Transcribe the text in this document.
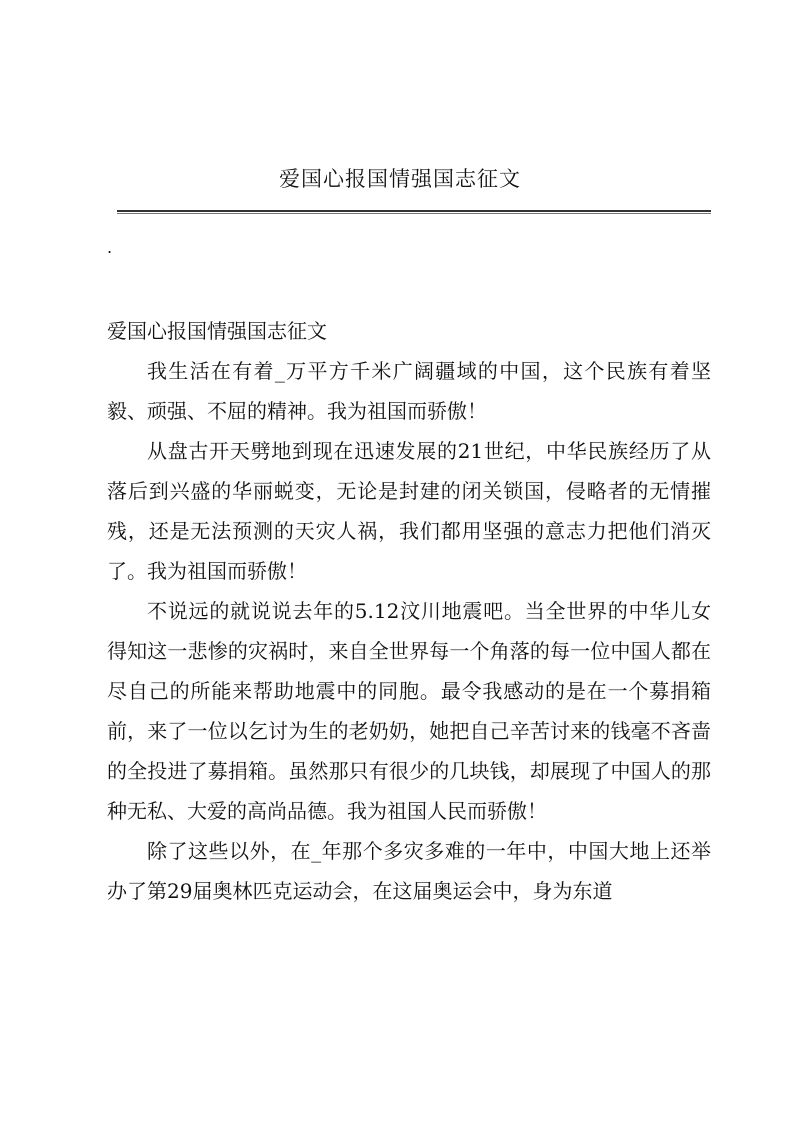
爱国心报国情强国志征文
.
爱国心报国情强国志征文

我生活在有着_万平方千米广阔疆域的中国，这个民族有着坚毅、顽强、不屈的精神。我为祖国而骄傲！

从盘古开天劈地到现在迅速发展的21世纪，中华民族经历了从落后到兴盛的华丽蜕变，无论是封建的闭关锁国，侵略者的无情摧残，还是无法预测的天灾人祸，我们都用坚强的意志力把他们消灭了。我为祖国而骄傲！

不说远的就说说去年的5.12汶川地震吧。当全世界的中华儿女得知这一悲惨的灾祸时，来自全世界每一个角落的每一位中国人都在尽自己的所能来帮助地震中的同胞。最令我感动的是在一个募捐箱前，来了一位以乞讨为生的老奶奶，她把自己辛苦讨来的钱毫不吝啬的全投进了募捐箱。虽然那只有很少的几块钱，却展现了中国人的那种无私、大爱的高尚品德。我为祖国人民而骄傲！

除了这些以外，在_年那个多灾多难的一年中，中国大地上还举办了第29届奥林匹克运动会，在这届奥运会中，身为东道
